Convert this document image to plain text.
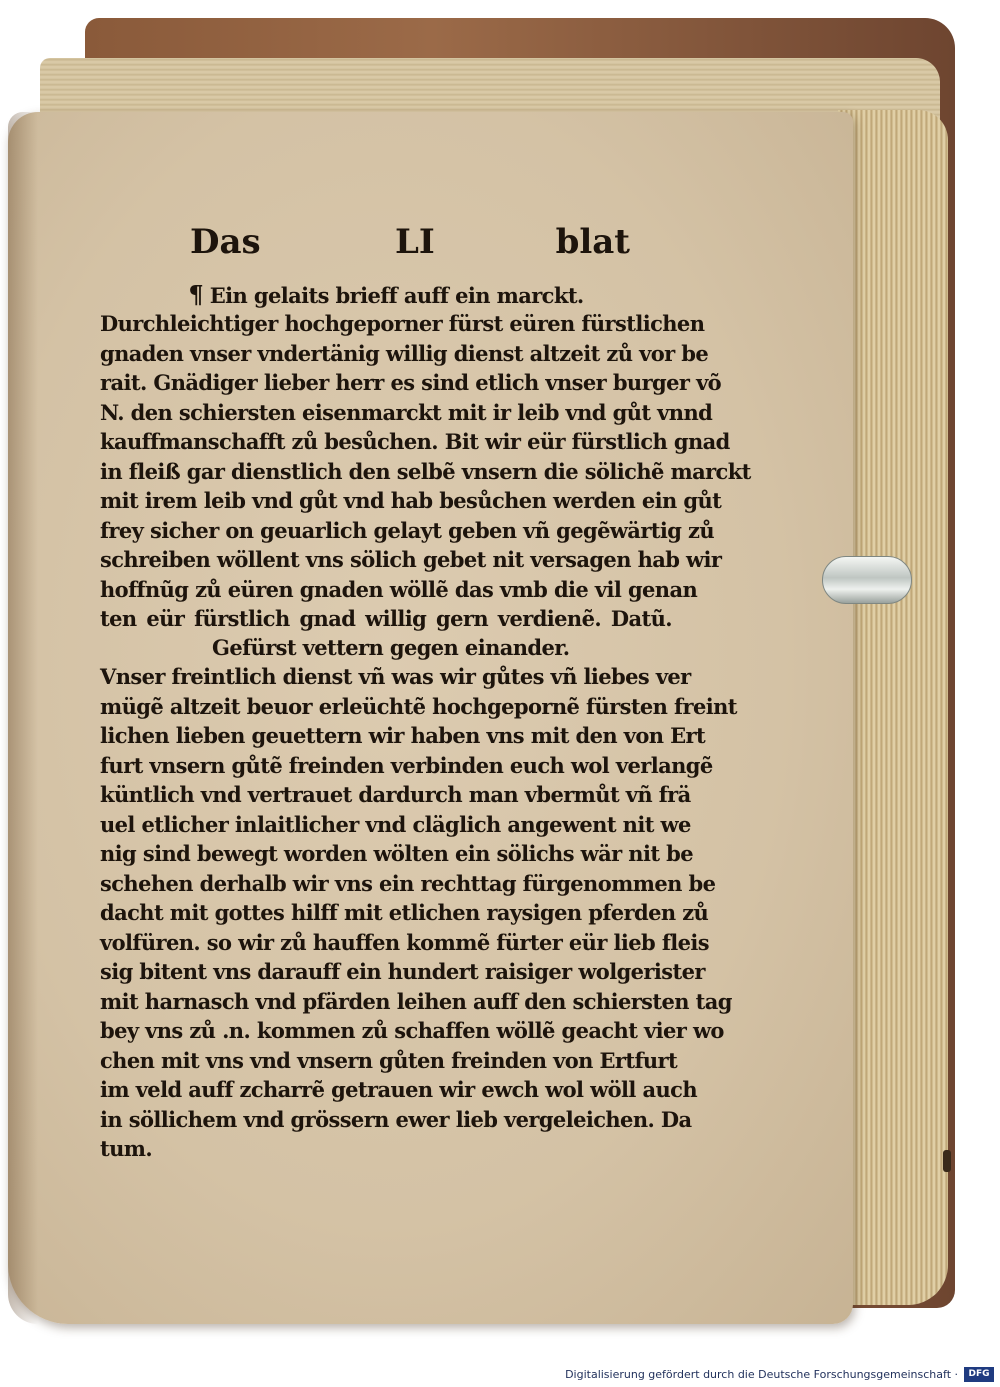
Das	LI	blat
¶ Ein gelaits brieff auff ein marckt.
Durchleichtiger hochgeporner fürst eüren fürstlichen
gnaden vnser vndertänig willig dienst altzeit zů vor be
rait. Gnädiger lieber herr es sind etlich vnser burger võ
N. den schiersten eisenmarckt mit ir leib vnd gůt vnnd
kauffmanschafft zů besůchen. Bit wir eür fürstlich gnad
in fleiß gar dienstlich den selbẽ vnsern die sölichẽ marckt
mit irem leib vnd gůt vnd hab besůchen werden ein gůt
frey sicher on geuarlich gelayt geben vñ gegẽwärtig zů
schreiben wöllent vns sölich gebet nit versagen hab wir
hoffnũg zů eüren gnaden wöllẽ das vmb die vil genan
ten eür fürstlich gnad willig gern verdienẽ. Datũ.
Gefürst vettern gegen einander.
Vnser freintlich dienst vñ was wir gůtes vñ liebes ver
mügẽ altzeit beuor erleüchtẽ hochgepornẽ fürsten freint
lichen lieben geuettern wir haben vns mit den von Ert
furt vnsern gůtẽ freinden verbinden euch wol verlangẽ
küntlich vnd vertrauet dardurch man vbermůt vñ frä
uel etlicher inlaitlicher vnd cläglich angewent nit we
nig sind bewegt worden wölten ein sölichs wär nit be
schehen derhalb wir vns ein rechttag fürgenommen be
dacht mit gottes hilff mit etlichen raysigen pferden zů
volfüren. so wir zů hauffen kommẽ fürter eür lieb fleis
sig bitent vns darauff ein hundert raisiger wolgerister
mit harnasch vnd pfärden leihen auff den schiersten tag
bey vns zů .n. kommen zů schaffen wöllẽ geacht vier wo
chen mit vns vnd vnsern gůten freinden von Ertfurt
im veld auff zcharrẽ getrauen wir ewch wol wöll auch
in söllichem vnd grössern ewer lieb vergeleichen. Da
tum.
Digitalisierung gefördert durch die Deutsche Forschungsgemeinschaft ·	DFG
